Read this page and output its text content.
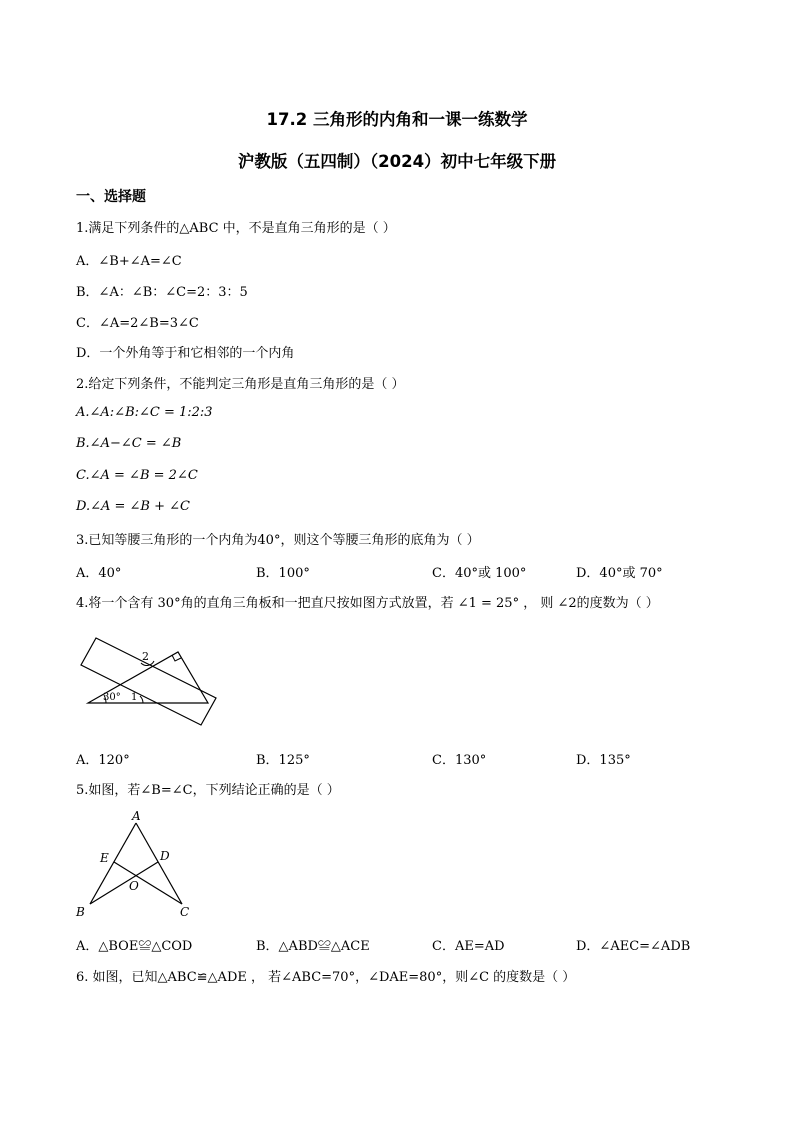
17.2 三角形的内角和一课一练数学
沪教版（五四制）（2024）初中七年级下册
一、选择题
1.满足下列条件的△ABC 中，不是直角三角形的是（ ）
A．∠B+∠A=∠C
B．∠A：∠B：∠C=2：3：5
C．∠A=2∠B=3∠C
D．一个外角等于和它相邻的一个内角
2.给定下列条件，不能判定三角形是直角三角形的是（ ）
A.∠A:∠B:∠C = 1:2:3
B.∠A−∠C = ∠B
C.∠A = ∠B = 2∠C
D.∠A = ∠B + ∠C
3.已知等腰三角形的一个内角为40°，则这个等腰三角形的底角为（ ）
A．40°	B．100°	C．40°或 100°	D．40°或 70°
4.将一个含有 30°角的直角三角板和一把直尺按如图方式放置，若 ∠1 = 25° ， 则 ∠2的度数为（ ）
2
30° 1
A．120°	B．125°	C．130°	D．135°
5.如图，若∠B=∠C，下列结论正确的是（ ）
A
E	D
O
B	C
A．△BOE≌△COD	B．△ABD≌△ACE	C．AE=AD	D．∠AEC=∠ADB
6. 如图，已知△ABC≌△ADE ， 若∠ABC=70°，∠DAE=80°，则∠C 的度数是（ ）
